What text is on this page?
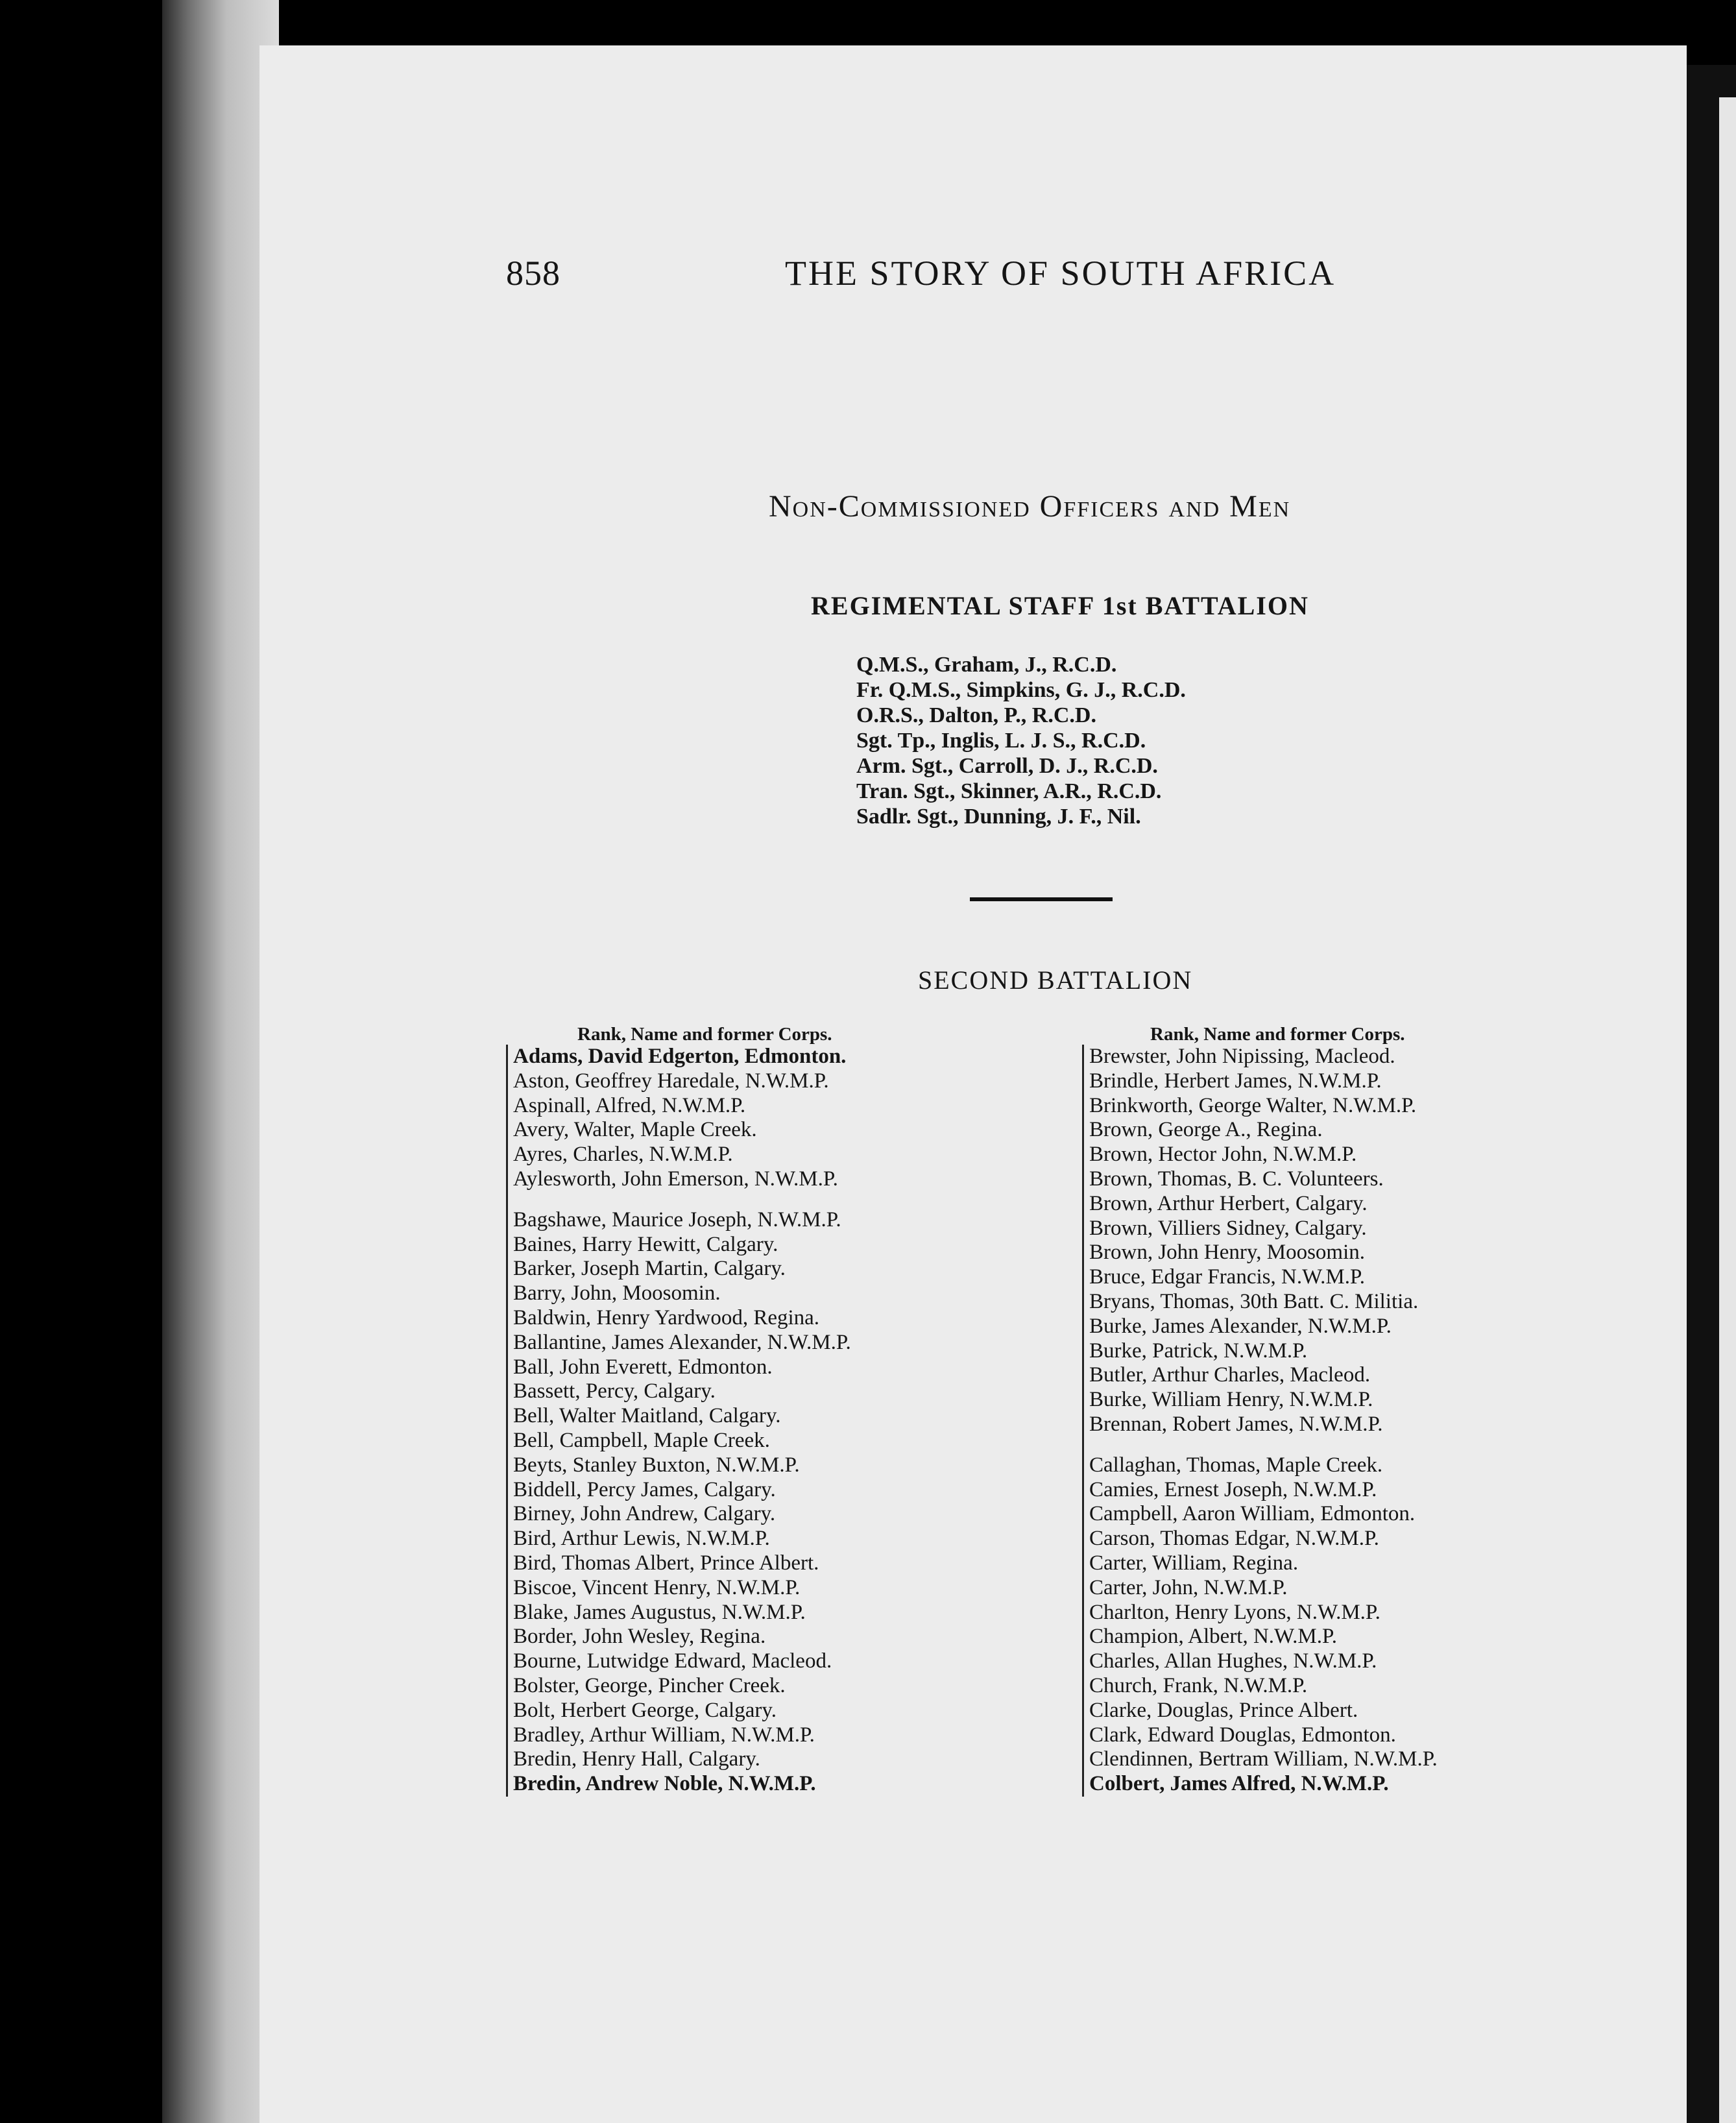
858	THE STORY OF SOUTH AFRICA
Non-Commissioned Officers and Men
REGIMENTAL STAFF 1st BATTALION
Q.M.S., Graham, J., R.C.D.
Fr. Q.M.S., Simpkins, G. J., R.C.D.
O.R.S., Dalton, P., R.C.D.
Sgt. Tp., Inglis, L. J. S., R.C.D.
Arm. Sgt., Carroll, D. J., R.C.D.
Tran. Sgt., Skinner, A.R., R.C.D.
Sadlr. Sgt., Dunning, J. F., Nil.
SECOND BATTALION
Rank, Name and former Corps.	Rank, Name and former Corps.
Adams, David Edgerton, Edmonton.
Aston, Geoffrey Haredale, N.W.M.P.
Aspinall, Alfred, N.W.M.P.
Avery, Walter, Maple Creek.
Ayres, Charles, N.W.M.P.
Aylesworth, John Emerson, N.W.M.P.
Bagshawe, Maurice Joseph, N.W.M.P.
Baines, Harry Hewitt, Calgary.
Barker, Joseph Martin, Calgary.
Barry, John, Moosomin.
Baldwin, Henry Yardwood, Regina.
Ballantine, James Alexander, N.W.M.P.
Ball, John Everett, Edmonton.
Bassett, Percy, Calgary.
Bell, Walter Maitland, Calgary.
Bell, Campbell, Maple Creek.
Beyts, Stanley Buxton, N.W.M.P.
Biddell, Percy James, Calgary.
Birney, John Andrew, Calgary.
Bird, Arthur Lewis, N.W.M.P.
Bird, Thomas Albert, Prince Albert.
Biscoe, Vincent Henry, N.W.M.P.
Blake, James Augustus, N.W.M.P.
Border, John Wesley, Regina.
Bourne, Lutwidge Edward, Macleod.
Bolster, George, Pincher Creek.
Bolt, Herbert George, Calgary.
Bradley, Arthur William, N.W.M.P.
Bredin, Henry Hall, Calgary.
Bredin, Andrew Noble, N.W.M.P.
Brewster, John Nipissing, Macleod.
Brindle, Herbert James, N.W.M.P.
Brinkworth, George Walter, N.W.M.P.
Brown, George A., Regina.
Brown, Hector John, N.W.M.P.
Brown, Thomas, B. C. Volunteers.
Brown, Arthur Herbert, Calgary.
Brown, Villiers Sidney, Calgary.
Brown, John Henry, Moosomin.
Bruce, Edgar Francis, N.W.M.P.
Bryans, Thomas, 30th Batt. C. Militia.
Burke, James Alexander, N.W.M.P.
Burke, Patrick, N.W.M.P.
Butler, Arthur Charles, Macleod.
Burke, William Henry, N.W.M.P.
Brennan, Robert James, N.W.M.P.
Callaghan, Thomas, Maple Creek.
Camies, Ernest Joseph, N.W.M.P.
Campbell, Aaron William, Edmonton.
Carson, Thomas Edgar, N.W.M.P.
Carter, William, Regina.
Carter, John, N.W.M.P.
Charlton, Henry Lyons, N.W.M.P.
Champion, Albert, N.W.M.P.
Charles, Allan Hughes, N.W.M.P.
Church, Frank, N.W.M.P.
Clarke, Douglas, Prince Albert.
Clark, Edward Douglas, Edmonton.
Clendinnen, Bertram William, N.W.M.P.
Colbert, James Alfred, N.W.M.P.
